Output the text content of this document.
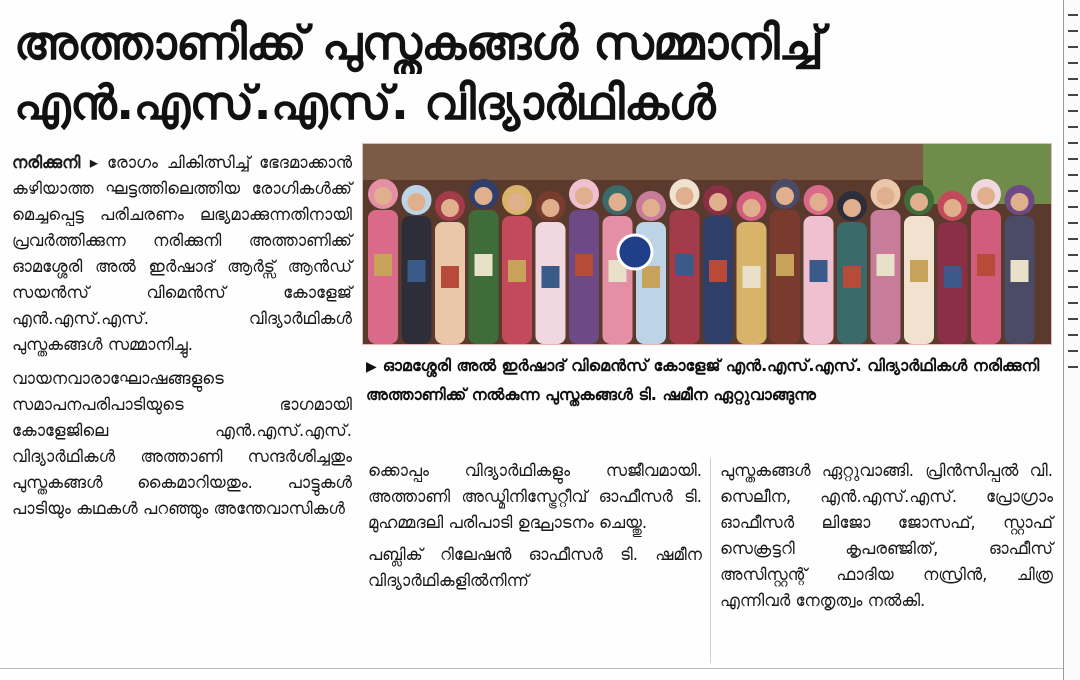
അത്താണിക്ക് പുസ്തകങ്ങൾ സമ്മാനിച്ച്
എൻ.എസ്.എസ്. വിദ്യാർഥികൾ

നരിക്കുനി ▸ രോഗം ചികിത്സിച്ച് ഭേദമാക്കാൻ കഴിയാത്ത ഘട്ടത്തിലെത്തിയ രോഗികൾക്ക് മെച്ചപ്പെട്ട പരിചരണം ലഭ്യമാക്കുന്നതിനായി പ്രവർത്തിക്കുന്ന നരിക്കുനി അത്താണിക്ക് ഓമശ്ശേരി അൽ ഇർഷാദ് ആർട്സ് ആൻഡ് സയൻസ് വിമെൻസ് കോളേജ് എൻ.എസ്.എസ്. വിദ്യാർഥികൾ പുസ്തകങ്ങൾ സമ്മാനിച്ചു.

വായനവാരാഘോഷങ്ങളുടെ സമാപനപരിപാടിയുടെ ഭാഗമായി കോളേജിലെ എൻ.എസ്.എസ്. വിദ്യാർഥികൾ അത്താണി സന്ദർശിച്ചതും പുസ്തകങ്ങൾ കൈമാറിയതും. പാട്ടുകൾ പാടിയും കഥകൾ പറഞ്ഞും അന്തേവാസികൾ

▶ ഓമശ്ശേരി അൽ ഇർഷാദ് വിമെൻസ് കോളേജ് എൻ.എസ്.എസ്. വിദ്യാർഥികൾ നരിക്കുനി അത്താണിക്ക് നൽകുന്ന പുസ്തകങ്ങൾ ടി. ഷമീന ഏറ്റുവാങ്ങുന്നു

ക്കൊപ്പം വിദ്യാർഥികളും സജീവമായി. അത്താണി അഡ്മിനിസ്ട്രേറ്റീവ് ഓഫീസർ ടി. മുഹമ്മദലി പരിപാടി ഉദ്ഘാടനം ചെയ്തു.

പബ്ലിക് റിലേഷൻ ഓഫീസർ ടി. ഷമീന വിദ്യാർഥികളിൽനിന്ന്

പുസ്തകങ്ങൾ ഏറ്റുവാങ്ങി. പ്രിൻസിപ്പൽ വി. സെലീന, എൻ.എസ്.എസ്. പ്രോഗ്രാം ഓഫീസർ ലിജോ ജോസഫ്, സ്റ്റാഫ് സെക്രട്ടറി കൃപരഞ്ജിത്, ഓഫീസ് അസിസ്റ്റന്റ് ഫാദിയ നസ്രിൻ, ചിത്ര എന്നിവർ നേതൃത്വം നൽകി.
